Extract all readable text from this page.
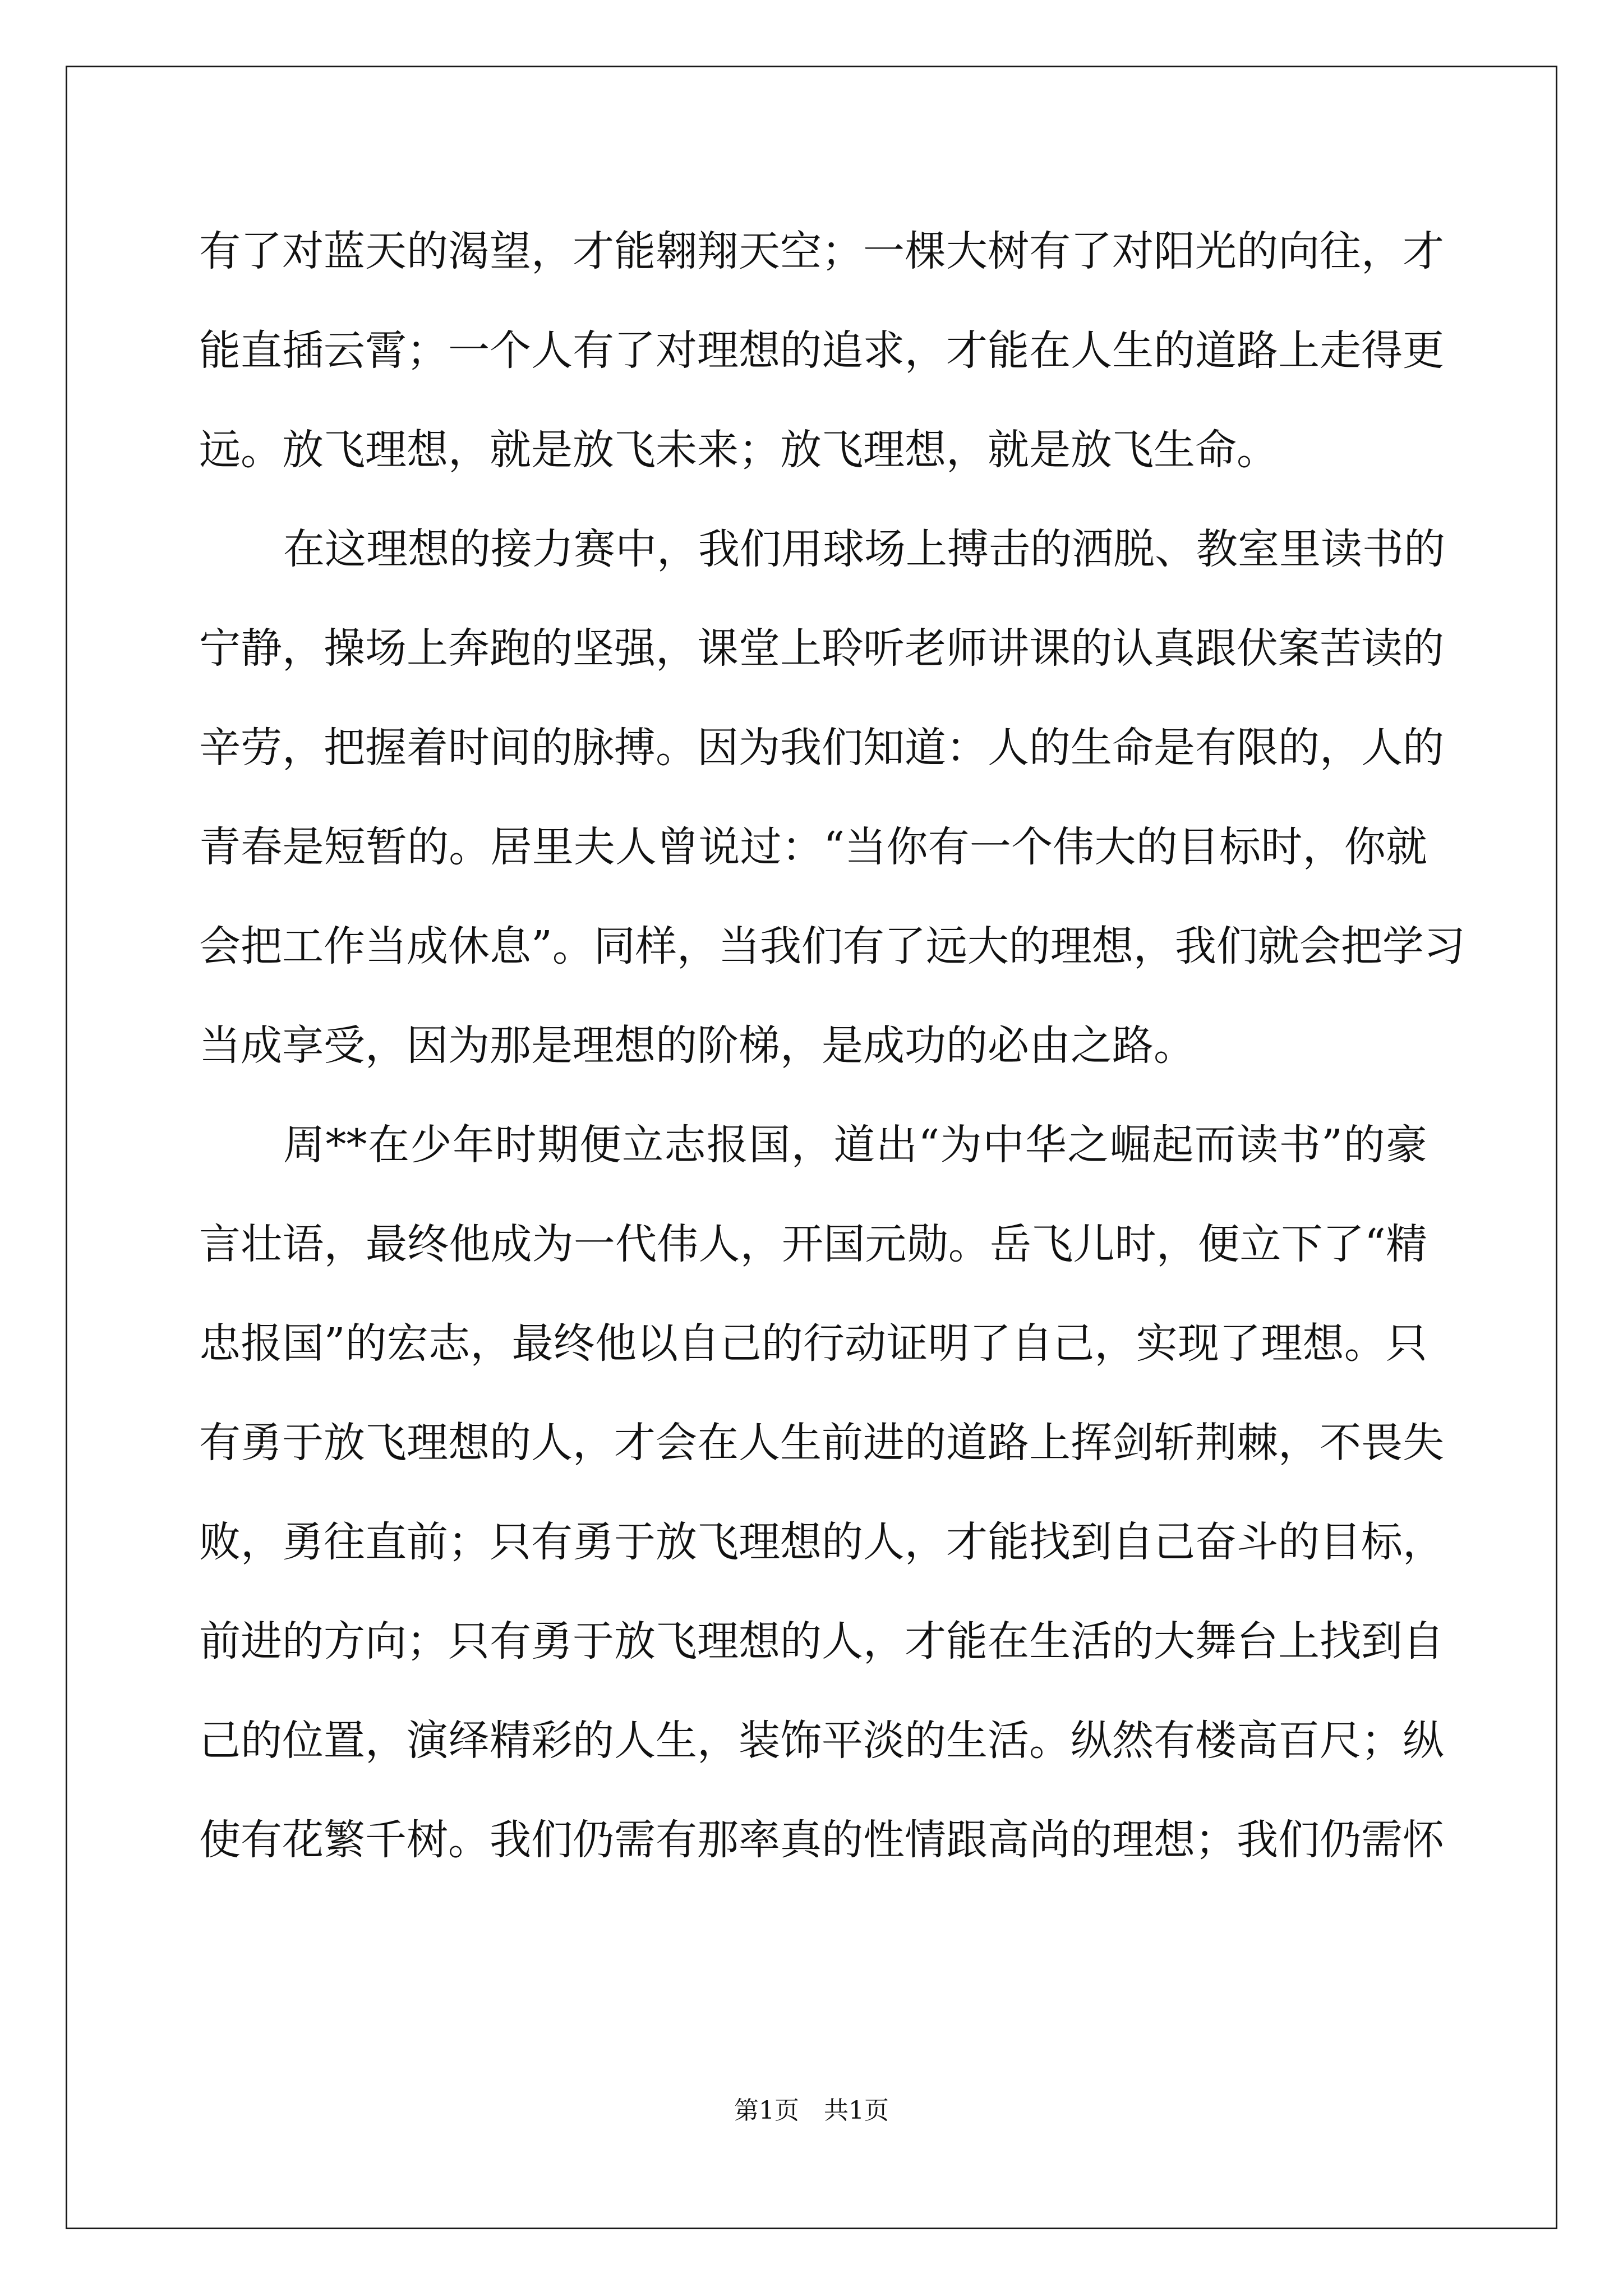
有了对蓝天的渴望，才能翱翔天空；一棵大树有了对阳光的向往，才
能直插云霄；一个人有了对理想的追求，才能在人生的道路上走得更
远。放飞理想，就是放飞未来；放飞理想，就是放飞生命。
在这理想的接力赛中，我们用球场上搏击的洒脱、教室里读书的
宁静，操场上奔跑的坚强，课堂上聆听老师讲课的认真跟伏案苦读的
辛劳，把握着时间的脉搏。因为我们知道：人的生命是有限的，人的
青春是短暂的。居里夫人曾说过：“当你有一个伟大的目标时，你就
会把工作当成休息”。同样，当我们有了远大的理想，我们就会把学习
当成享受，因为那是理想的阶梯，是成功的必由之路。
周**在少年时期便立志报国，道出“为中华之崛起而读书”的豪
言壮语，最终他成为一代伟人，开国元勋。岳飞儿时，便立下了“精
忠报国”的宏志，最终他以自己的行动证明了自己，实现了理想。只
有勇于放飞理想的人，才会在人生前进的道路上挥剑斩荆棘，不畏失
败，勇往直前；只有勇于放飞理想的人，才能找到自己奋斗的目标，
前进的方向；只有勇于放飞理想的人，才能在生活的大舞台上找到自
己的位置，演绎精彩的人生，装饰平淡的生活。纵然有楼高百尺；纵
使有花繁千树。我们仍需有那率真的性情跟高尚的理想；我们仍需怀
第1页　共1页
